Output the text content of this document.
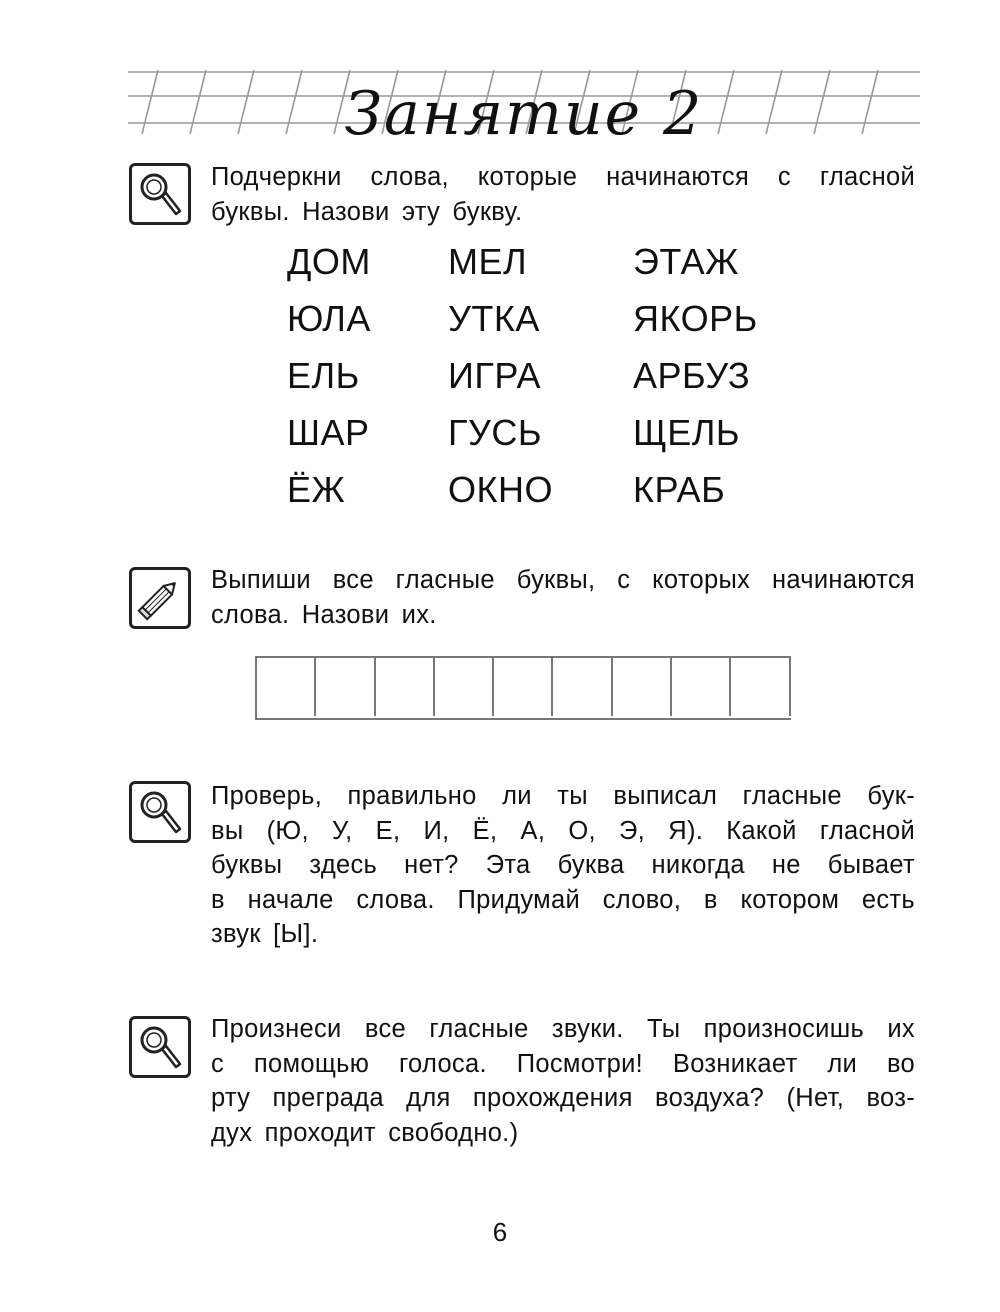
Занятие 2
Подчеркни слова, которые начинаются с гласной
буквы. Назови эту букву.
ДОМ
ЮЛА
ЕЛЬ
ШАР
ЁЖ
МЕЛ
УТКА
ИГРА
ГУСЬ
ОКНО
ЭТАЖ
ЯКОРЬ
АРБУЗ
ЩЕЛЬ
КРАБ
Выпиши все гласные буквы, с которых начинаются
слова. Назови их.
Проверь, правильно ли ты выписал гласные бук-
вы (Ю, У, Е, И, Ё, А, О, Э, Я). Какой гласной
буквы здесь нет? Эта буква никогда не бывает
в начале слова. Придумай слово, в котором есть
звук [Ы].
Произнеси все гласные звуки. Ты произносишь их
с помощью голоса. Посмотри! Возникает ли во
рту преграда для прохождения воздуха? (Нет, воз-
дух проходит свободно.)
6
